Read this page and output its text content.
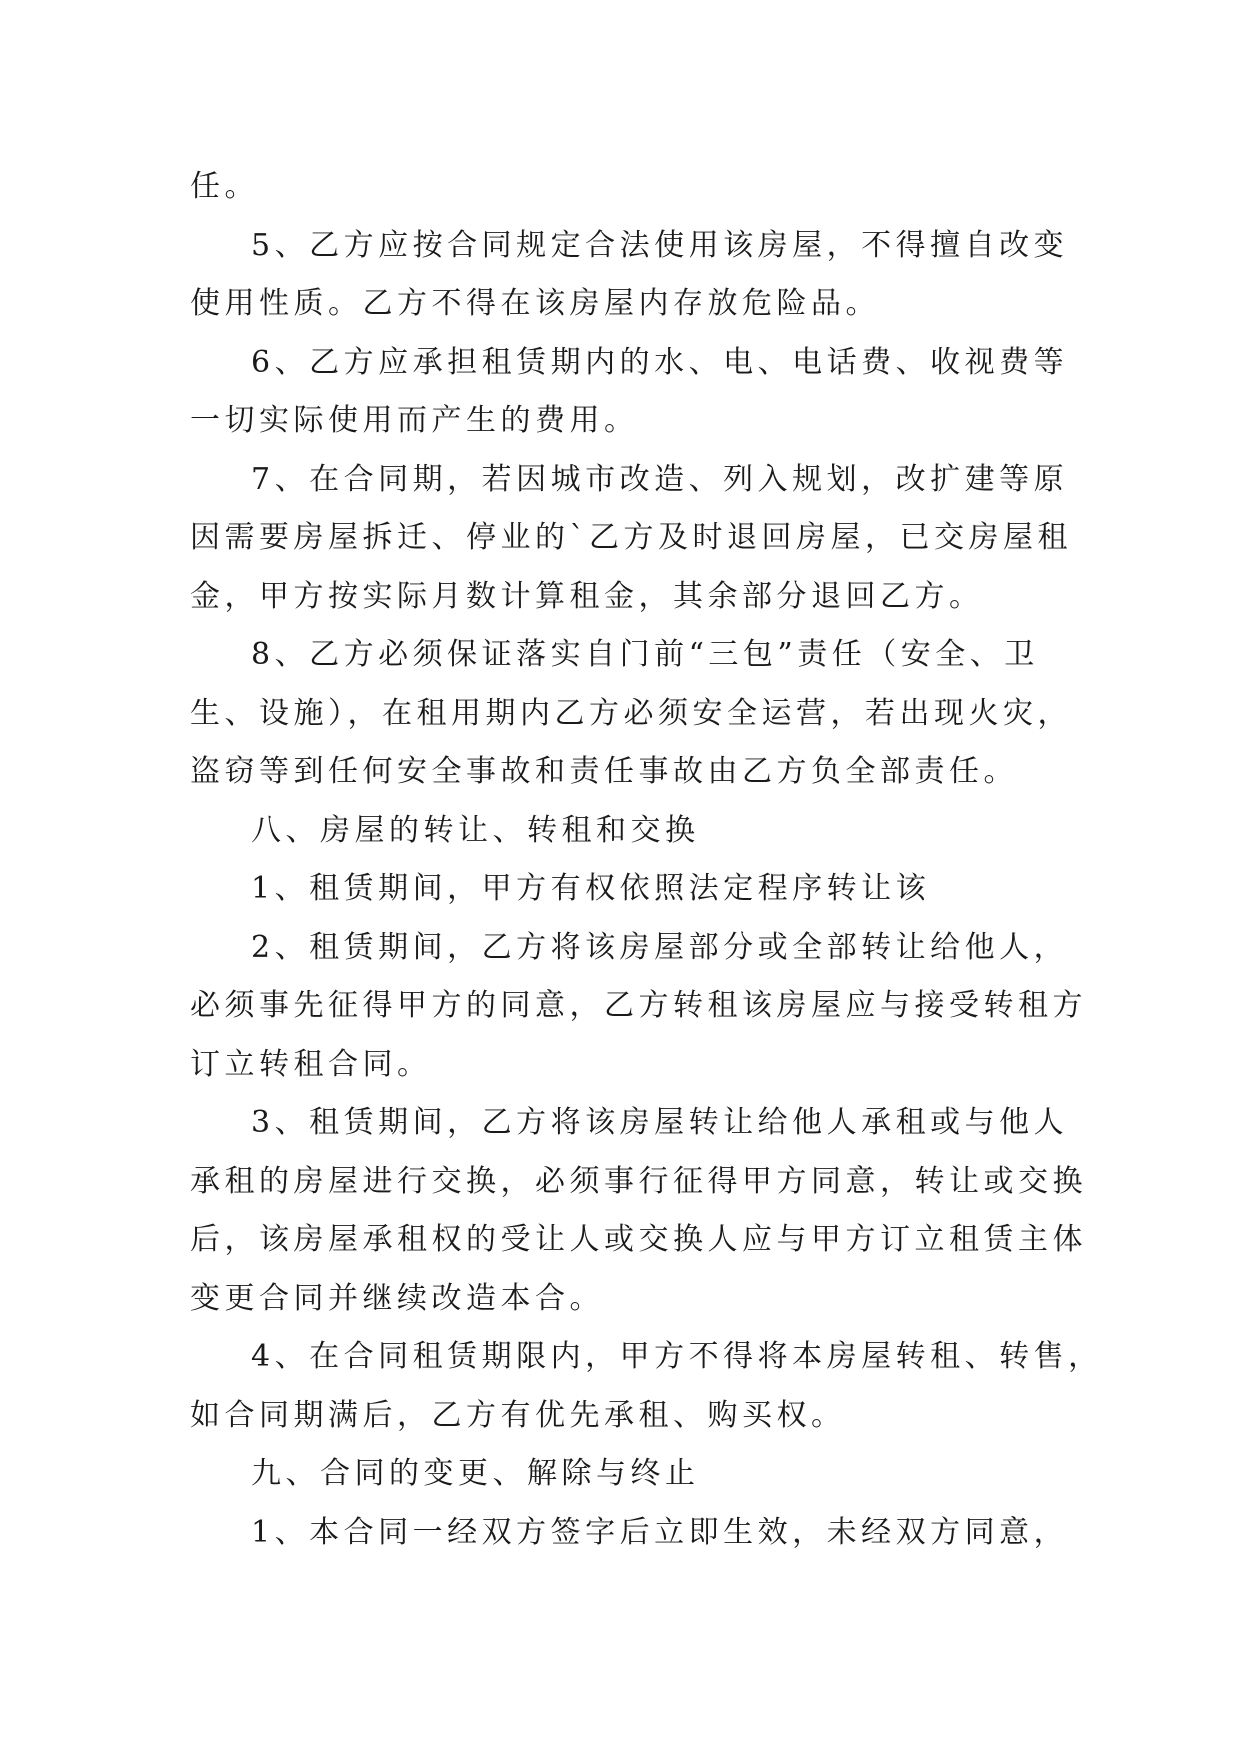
任。
5、乙方应按合同规定合法使用该房屋，不得擅自改变
使用性质。乙方不得在该房屋内存放危险品。
6、乙方应承担租赁期内的水、电、电话费、收视费等
一切实际使用而产生的费用。
7、在合同期，若因城市改造、列入规划，改扩建等原
因需要房屋拆迁、停业的`乙方及时退回房屋，已交房屋租
金，甲方按实际月数计算租金，其余部分退回乙方。
8、乙方必须保证落实自门前“三包”责任（安全、卫
生、设施），在租用期内乙方必须安全运营，若出现火灾，
盗窃等到任何安全事故和责任事故由乙方负全部责任。
八、房屋的转让、转租和交换
1、租赁期间，甲方有权依照法定程序转让该
2、租赁期间，乙方将该房屋部分或全部转让给他人，
必须事先征得甲方的同意，乙方转租该房屋应与接受转租方
订立转租合同。
3、租赁期间，乙方将该房屋转让给他人承租或与他人
承租的房屋进行交换，必须事行征得甲方同意，转让或交换
后，该房屋承租权的受让人或交换人应与甲方订立租赁主体
变更合同并继续改造本合。
4、在合同租赁期限内，甲方不得将本房屋转租、转售，
如合同期满后，乙方有优先承租、购买权。
九、合同的变更、解除与终止
1、本合同一经双方签字后立即生效，未经双方同意，
